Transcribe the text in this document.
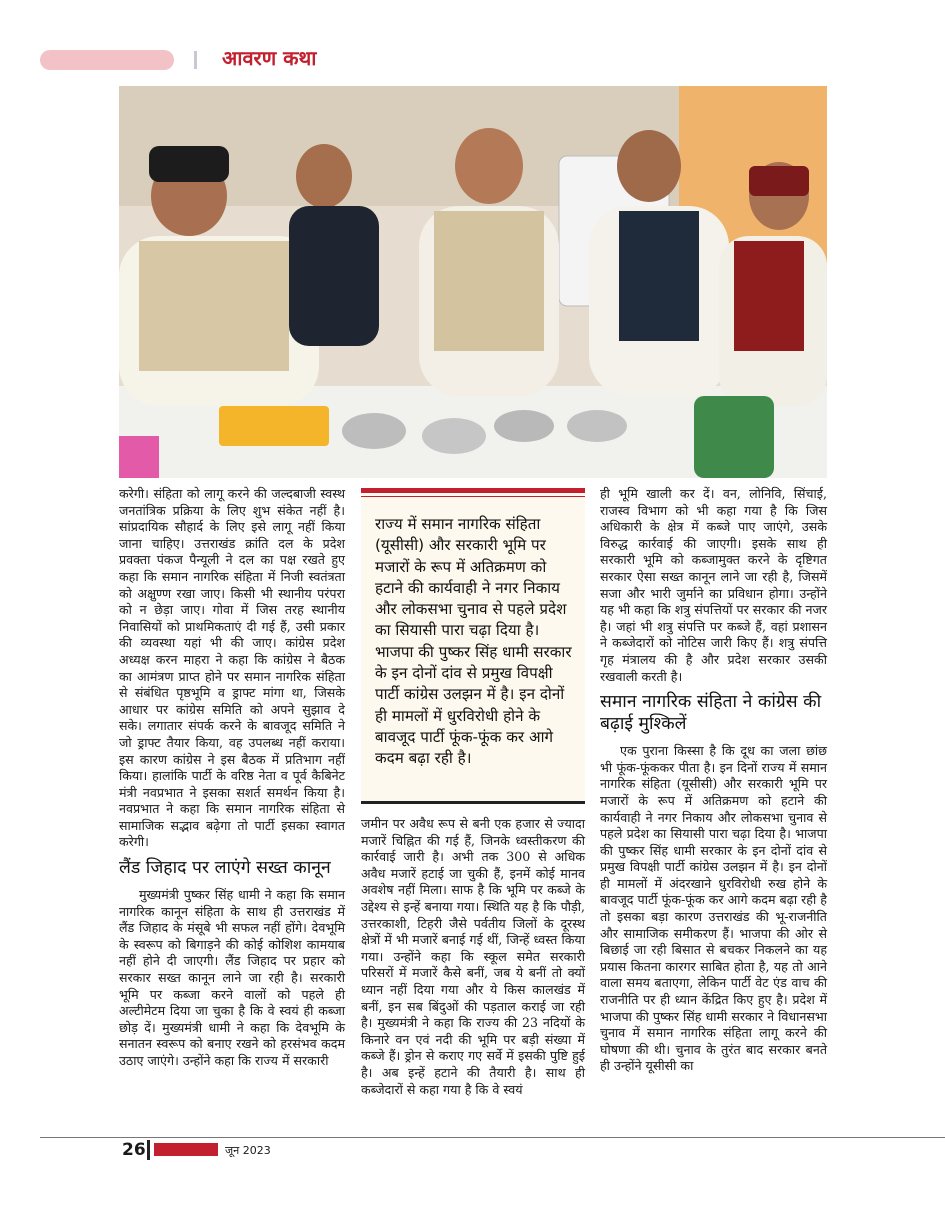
आवरण कथा

करेगी। संहिता को लागू करने की जल्दबाजी स्वस्थ जनतांत्रिक प्रक्रिया के लिए शुभ संकेत नहीं है। सांप्रदायिक सौहार्द के लिए इसे लागू नहीं किया जाना चाहिए। उत्तराखंड क्रांति दल के प्रदेश प्रवक्ता पंकज पैन्यूली ने दल का पक्ष रखते हुए कहा कि समान नागरिक संहिता में निजी स्वतंत्रता को अक्षुण्ण रखा जाए। किसी भी स्थानीय परंपरा को न छेड़ा जाए। गोवा में जिस तरह स्थानीय निवासियों को प्राथमिकताएं दी गई हैं, उसी प्रकार की व्यवस्था यहां भी की जाए। कांग्रेस प्रदेश अध्यक्ष करन माहरा ने कहा कि कांग्रेस ने बैठक का आमंत्रण प्राप्त होने पर समान नागरिक संहिता से संबंधित पृष्ठभूमि व ड्राफ्ट मांगा था, जिसके आधार पर कांग्रेस समिति को अपने सुझाव दे सके। लगातार संपर्क करने के बावजूद समिति ने जो ड्राफ्ट तैयार किया, वह उपलब्ध नहीं कराया। इस कारण कांग्रेस ने इस बैठक में प्रतिभाग नहीं किया। हालांकि पार्टी के वरिष्ठ नेता व पूर्व कैबिनेट मंत्री नवप्रभात ने इसका सशर्त समर्थन किया है। नवप्रभात ने कहा कि समान नागरिक संहिता से सामाजिक सद्भाव बढ़ेगा तो पार्टी इसका स्वागत करेगी।

लैंड जिहाद पर लाएंगे सख्त कानून

मुख्यमंत्री पुष्कर सिंह धामी ने कहा कि समान नागरिक कानून संहिता के साथ ही उत्तराखंड में लैंड जिहाद के मंसूबे भी सफल नहीं होंगे। देवभूमि के स्वरूप को बिगाड़ने की कोई कोशिश कामयाब नहीं होने दी जाएगी। लैंड जिहाद पर प्रहार को सरकार सख्त कानून लाने जा रही है। सरकारी भूमि पर कब्जा करने वालों को पहले ही अल्टीमेटम दिया जा चुका है कि वे स्वयं ही कब्जा छोड़ दें। मुख्यमंत्री धामी ने कहा कि देवभूमि के सनातन स्वरूप को बनाए रखने को हरसंभव कदम उठाए जाएंगे। उन्होंने कहा कि राज्य में सरकारी

राज्य में समान नागरिक संहिता (यूसीसी) और सरकारी भूमि पर मजारों के रूप में अतिक्रमण को हटाने की कार्यवाही ने नगर निकाय और लोकसभा चुनाव से पहले प्रदेश का सियासी पारा चढ़ा दिया है। भाजपा की पुष्कर सिंह धामी सरकार के इन दोनों दांव से प्रमुख विपक्षी पार्टी कांग्रेस उलझन में है। इन दोनों ही मामलों में धुरविरोधी होने के बावजूद पार्टी फूंक-फूंक कर आगे कदम बढ़ा रही है।

जमीन पर अवैध रूप से बनी एक हजार से ज्यादा मजारें चिह्नित की गई हैं, जिनके ध्वस्तीकरण की कार्रवाई जारी है। अभी तक 300 से अधिक अवैध मजारें हटाई जा चुकी हैं, इनमें कोई मानव अवशेष नहीं मिला। साफ है कि भूमि पर कब्जे के उद्देश्य से इन्हें बनाया गया। स्थिति यह है कि पौड़ी, उत्तरकाशी, टिहरी जैसे पर्वतीय जिलों के दूरस्थ क्षेत्रों में भी मजारें बनाई गई थीं, जिन्हें ध्वस्त किया गया। उन्होंने कहा कि स्कूल समेत सरकारी परिसरों में मजारें कैसे बनीं, जब ये बनीं तो क्यों ध्यान नहीं दिया गया और ये किस कालखंड में बनीं, इन सब बिंदुओं की पड़ताल कराई जा रही है। मुख्यमंत्री ने कहा कि राज्य की 23 नदियों के किनारे वन एवं नदी की भूमि पर बड़ी संख्या में कब्जे हैं। ड्रोन से कराए गए सर्वे में इसकी पुष्टि हुई है। अब इन्हें हटाने की तैयारी है। साथ ही कब्जेदारों से कहा गया है कि वे स्वयं

ही भूमि खाली कर दें। वन, लोनिवि, सिंचाई, राजस्व विभाग को भी कहा गया है कि जिस अधिकारी के क्षेत्र में कब्जे पाए जाएंगे, उसके विरुद्ध कार्रवाई की जाएगी। इसके साथ ही सरकारी भूमि को कब्जामुक्त करने के दृष्टिगत सरकार ऐसा सख्त कानून लाने जा रही है, जिसमें सजा और भारी जुर्माने का प्रविधान होगा। उन्होंने यह भी कहा कि शत्रु संपत्तियों पर सरकार की नजर है। जहां भी शत्रु संपत्ति पर कब्जे हैं, वहां प्रशासन ने कब्जेदारों को नोटिस जारी किए हैं। शत्रु संपत्ति गृह मंत्रालय की है और प्रदेश सरकार उसकी रखवाली करती है।

समान नागरिक संहिता ने कांग्रेस की बढ़ाई मुश्किलें

एक पुराना किस्सा है कि दूध का जला छांछ भी फूंक-फूंककर पीता है। इन दिनों राज्य में समान नागरिक संहिता (यूसीसी) और सरकारी भूमि पर मजारों के रूप में अतिक्रमण को हटाने की कार्यवाही ने नगर निकाय और लोकसभा चुनाव से पहले प्रदेश का सियासी पारा चढ़ा दिया है। भाजपा की पुष्कर सिंह धामी सरकार के इन दोनों दांव से प्रमुख विपक्षी पार्टी कांग्रेस उलझन में है। इन दोनों ही मामलों में अंदरखाने धुरविरोधी रुख होने के बावजूद पार्टी फूंक-फूंक कर आगे कदम बढ़ा रही है तो इसका बड़ा कारण उत्तराखंड की भू-राजनीति और सामाजिक समीकरण हैं। भाजपा की ओर से बिछाई जा रही बिसात से बचकर निकलने का यह प्रयास कितना कारगर साबित होता है, यह तो आने वाला समय बताएगा, लेकिन पार्टी वेट एंड वाच की राजनीति पर ही ध्यान केंद्रित किए हुए है। प्रदेश में भाजपा की पुष्कर सिंह धामी सरकार ने विधानसभा चुनाव में समान नागरिक संहिता लागू करने की घोषणा की थी। चुनाव के तुरंत बाद सरकार बनते ही उन्होंने यूसीसी का

26	जून 2023
